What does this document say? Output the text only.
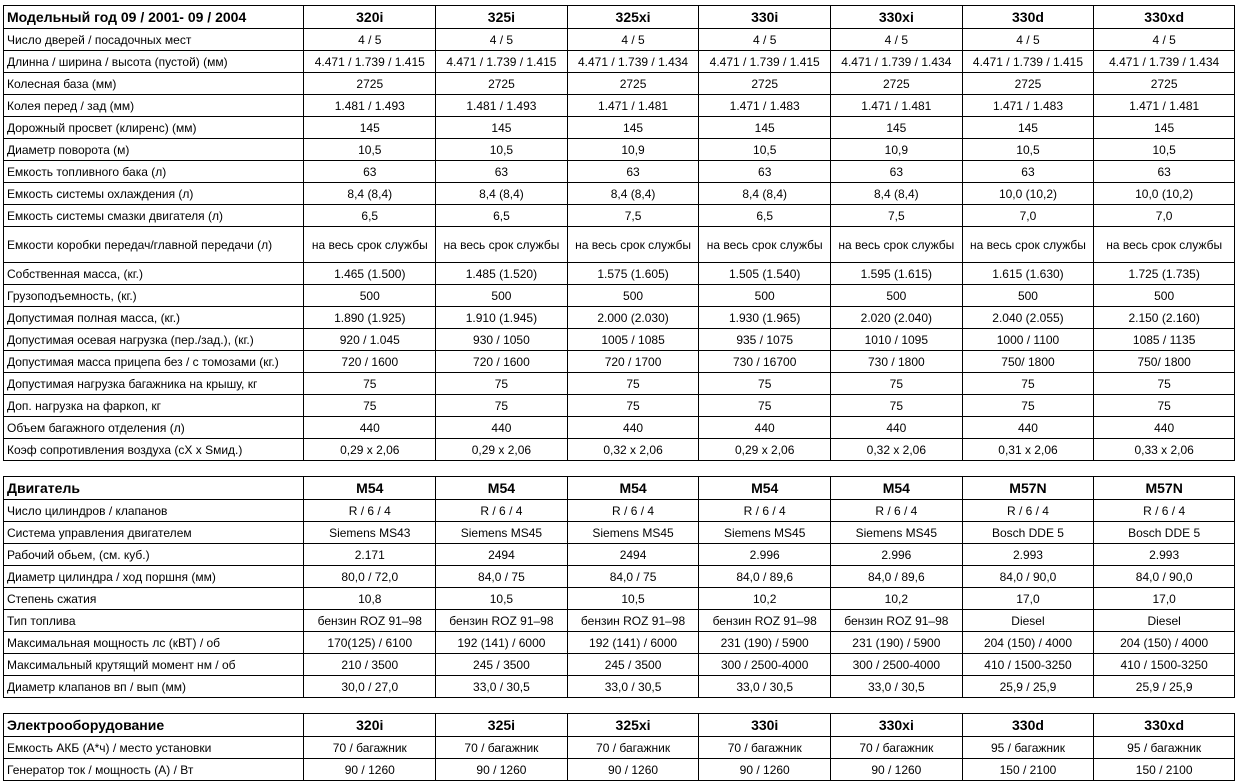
Модельный год 09 / 2001- 09 / 2004	320i	325i	325xi	330i	330xi	330d	330xd
Число дверей / посадочных мест	4 / 5	4 / 5	4 / 5	4 / 5	4 / 5	4 / 5	4 / 5
Длинна / ширина / высота (пустой) (мм)	4.471 / 1.739 / 1.415	4.471 / 1.739 / 1.415	4.471 / 1.739 / 1.434	4.471 / 1.739 / 1.415	4.471 / 1.739 / 1.434	4.471 / 1.739 / 1.415	4.471 / 1.739 / 1.434
Колесная база (мм)	2725	2725	2725	2725	2725	2725	2725
Колея перед / зад (мм)	1.481 / 1.493	1.481 / 1.493	1.471 / 1.481	1.471 / 1.483	1.471 / 1.481	1.471 / 1.483	1.471 / 1.481
Дорожный просвет (клиренс) (мм)	145	145	145	145	145	145	145
Диаметр поворота (м)	10,5	10,5	10,9	10,5	10,9	10,5	10,5
Емкость топливного бака (л)	63	63	63	63	63	63	63
Емкость системы охлаждения (л)	8,4 (8,4)	8,4 (8,4)	8,4 (8,4)	8,4 (8,4)	8,4 (8,4)	10,0 (10,2)	10,0 (10,2)
Емкость системы смазки двигателя (л)	6,5	6,5	7,5	6,5	7,5	7,0	7,0
Емкости коробки передач/главной передачи (л)	на весь срок службы	на весь срок службы	на весь срок службы	на весь срок службы	на весь срок службы	на весь срок службы	на весь срок службы
Собственная масса, (кг.)	1.465 (1.500)	1.485 (1.520)	1.575 (1.605)	1.505 (1.540)	1.595 (1.615)	1.615 (1.630)	1.725 (1.735)
Грузоподъемность, (кг.)	500	500	500	500	500	500	500
Допустимая полная масса, (кг.)	1.890 (1.925)	1.910 (1.945)	2.000 (2.030)	1.930 (1.965)	2.020 (2.040)	2.040 (2.055)	2.150 (2.160)
Допустимая осевая нагрузка (пер./зад.), (кг.)	920 / 1.045	930 / 1050	1005 / 1085	935 / 1075	1010 / 1095	1000 / 1100	1085 / 1135
Допустимая масса прицепа без / с томозами (кг.)	720 / 1600	720 / 1600	720 / 1700	730 / 16700	730 / 1800	750/ 1800	750/ 1800
Допустимая нагрузка багажника на крышу, кг	75	75	75	75	75	75	75
Доп. нагрузка на фаркоп, кг	75	75	75	75	75	75	75
Объем багажного отделения (л)	440	440	440	440	440	440	440
Коэф сопротивления воздуха (сХ х Sмид.)	0,29 х 2,06	0,29 х 2,06	0,32 х 2,06	0,29 х 2,06	0,32 х 2,06	0,31 х 2,06	0,33 х 2,06
Двигатель	M54	M54	M54	M54	M54	M57N	M57N
Число цилиндров / клапанов	R / 6 / 4	R / 6 / 4	R / 6 / 4	R / 6 / 4	R / 6 / 4	R / 6 / 4	R / 6 / 4
Система управления двигателем	Siemens MS43	Siemens MS45	Siemens MS45	Siemens MS45	Siemens MS45	Bosch DDE 5	Bosch DDE 5
Рабочий обьем, (см. куб.)	2.171	2494	2494	2.996	2.996	2.993	2.993
Диаметр цилиндра / ход поршня (мм)	80,0 / 72,0	84,0 / 75	84,0 / 75	84,0 / 89,6	84,0 / 89,6	84,0 / 90,0	84,0 / 90,0
Степень сжатия	10,8	10,5	10,5	10,2	10,2	17,0	17,0
Тип топлива	бензин ROZ 91–98	бензин ROZ 91–98	бензин ROZ 91–98	бензин ROZ 91–98	бензин ROZ 91–98	Diesel	Diesel
Максимальная мощность лс (кВТ) / об	170(125) / 6100	192 (141) / 6000	192 (141) / 6000	231 (190) / 5900	231 (190) / 5900	204 (150) / 4000	204 (150) / 4000
Максимальный крутящий момент нм / об	210 / 3500	245 / 3500	245 / 3500	300 / 2500-4000	300 / 2500-4000	410 / 1500-3250	410 / 1500-3250
Диаметр клапанов вп / вып (мм)	30,0 / 27,0	33,0 / 30,5	33,0 / 30,5	33,0 / 30,5	33,0 / 30,5	25,9 / 25,9	25,9 / 25,9
Электрооборудование	320i	325i	325xi	330i	330xi	330d	330xd
Емкость АКБ (А*ч) / место установки	70 / багажник	70 / багажник	70 / багажник	70 / багажник	70 / багажник	95 / багажник	95 / багажник
Генератор ток / мощность (А) / Вт	90 / 1260	90 / 1260	90 / 1260	90 / 1260	90 / 1260	150 / 2100	150 / 2100
